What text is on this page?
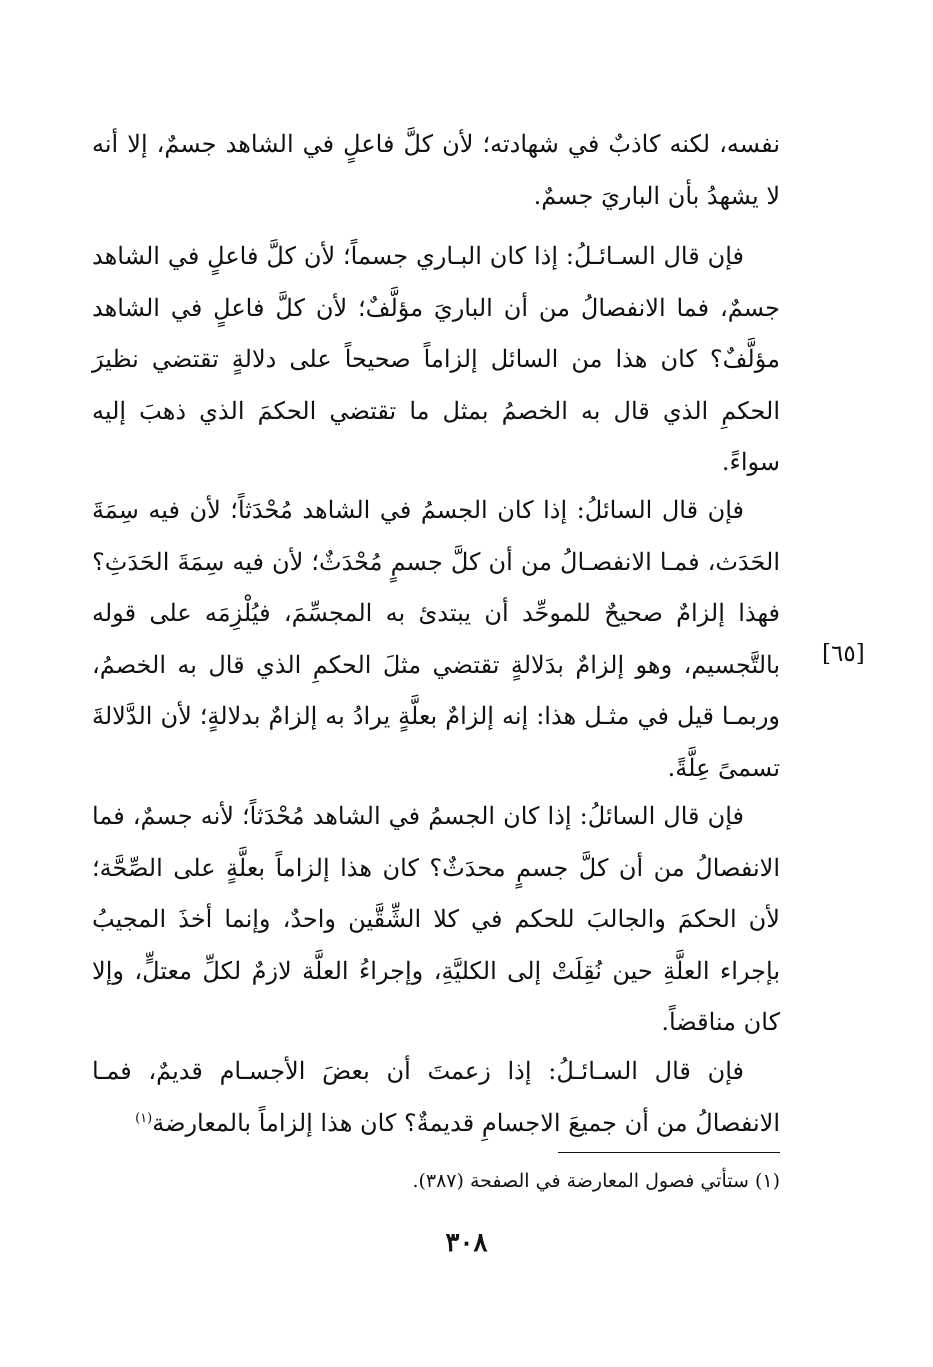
نفسه، لكنه كاذبٌ في شهادته؛ لأن كلَّ فاعلٍ في الشاهد جسمٌ، إلا أنه لا يشهدُ بأن الباريَ جسمٌ.

فإن قال السـائـلُ: إذا كان البـاري جسماً؛ لأن كلَّ فاعلٍ في الشاهد جسمٌ، فما الانفصالُ من أن الباريَ مؤلَّفٌ؛ لأن كلَّ فاعلٍ في الشاهد مؤلَّفٌ؟ كان هذا من السائل إلزاماً صحيحاً على دلالةٍ تقتضي نظيرَ الحكمِ الذي قال به الخصمُ بمثل ما تقتضي الحكمَ الذي ذهبَ إليه سواءً.

فإن قال السائلُ: إذا كان الجسمُ في الشاهد مُحْدَثاً؛ لأن فيه سِمَةَ الحَدَث، فمـا الانفصـالُ من أن كلَّ جسمٍ مُحْدَثٌ؛ لأن فيه سِمَةَ الحَدَثِ؟ فهذا إلزامٌ صحيحٌ للموحِّد أن يبتدئ به المجسِّمَ، فيُلْزِمَه على قوله بالتَّجسيم، وهو إلزامٌ بدَلالةٍ تقتضي مثلَ الحكمِ الذي قال به الخصمُ، وربمـا قيل في مثـل هذا: إنه إلزامٌ بعلَّةٍ يرادُ به إلزامٌ بدلالةٍ؛ لأن الدَّلالةَ تسمىً عِلَّةً.

فإن قال السائلُ: إذا كان الجسمُ في الشاهد مُحْدَثاً؛ لأنه جسمٌ، فما الانفصالُ من أن كلَّ جسمٍ محدَثٌ؟ كان هذا إلزاماً بعلَّةٍ على الصِّحَّة؛ لأن الحكمَ والجالبَ للحكم في كلا الشِّقَّين واحدٌ، وإنما أخذَ المجيبُ بإجراء العلَّةِ حين نُقِلَتْ إلى الكليَّةِ، وإجراءُ العلَّة لازمٌ لكلِّ معتلٍّ، وإلا كان مناقضاً.

فإن قال السـائـلُ: إذا زعمتَ أن بعضَ الأجسـام قديمٌ، فمـا الانفصالُ من أن جميعَ الاجسامِ قديمةٌ؟ كان هذا إلزاماً بالمعارضة$^{(١)}$

[٦٥]
(١) ستأتي فصول المعارضة في الصفحة (٣٨٧).
٣٠٨
